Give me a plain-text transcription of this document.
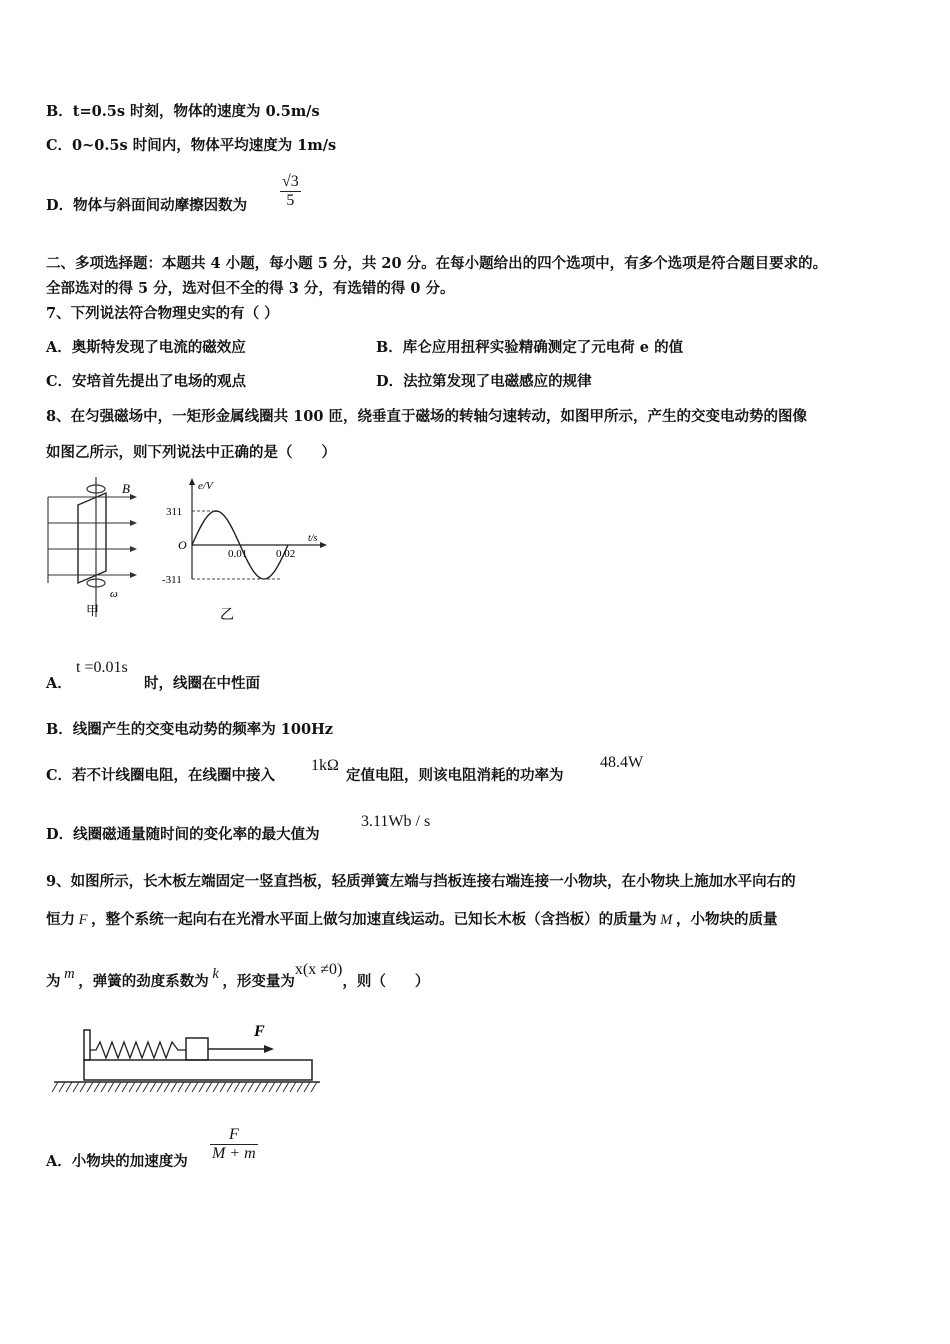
B．t=0.5s 时刻，物体的速度为 0.5m/s
C．0~0.5s 时间内，物体平均速度为 1m/s
D．物体与斜面间动摩擦因数为 $\frac{√3}{5}$
二、多项选择题：本题共 4 小题，每小题 5 分，共 20 分。在每小题给出的四个选项中，有多个选项是符合题目要求的。
全部选对的得 5 分，选对但不全的得 3 分，有选错的得 0 分。
7、下列说法符合物理史实的有（ ）
A．奥斯特发现了电流的磁效应	B．库仑应用扭秤实验精确测定了元电荷 e 的值
C．安培首先提出了电场的观点	D．法拉第发现了电磁感应的规律
8、在匀强磁场中，一矩形金属线圈共 100 匝，绕垂直于磁场的转轴匀速转动，如图甲所示，产生的交变电动势的图像
如图乙所示，则下列说法中正确的是（　　）
B
ω
甲
e/V
t/s
O
311
-311
0.01	0.02
乙
A．
t =0.01s
时，线圈在中性面
B．线圈产生的交变电动势的频率为 100Hz
C．若不计线圈电阻，在线圈中接入
1kΩ
定值电阻，则该电阻消耗的功率为
48.4W
D．线圈磁通量随时间的变化率的最大值为
3.11Wb / s
9、如图所示，长木板左端固定一竖直挡板，轻质弹簧左端与挡板连接右端连接一小物块，在小物块上施加水平向右的
恒力 F ，整个系统一起向右在光滑水平面上做匀加速直线运动。已知长木板（含挡板）的质量为 M ，小物块的质量
为 m ，弹簧的劲度系数为 k ，形变量为x(x ≠0)，则（　　）
F
A．小物块的加速度为 $\frac{F}{M + m}$
